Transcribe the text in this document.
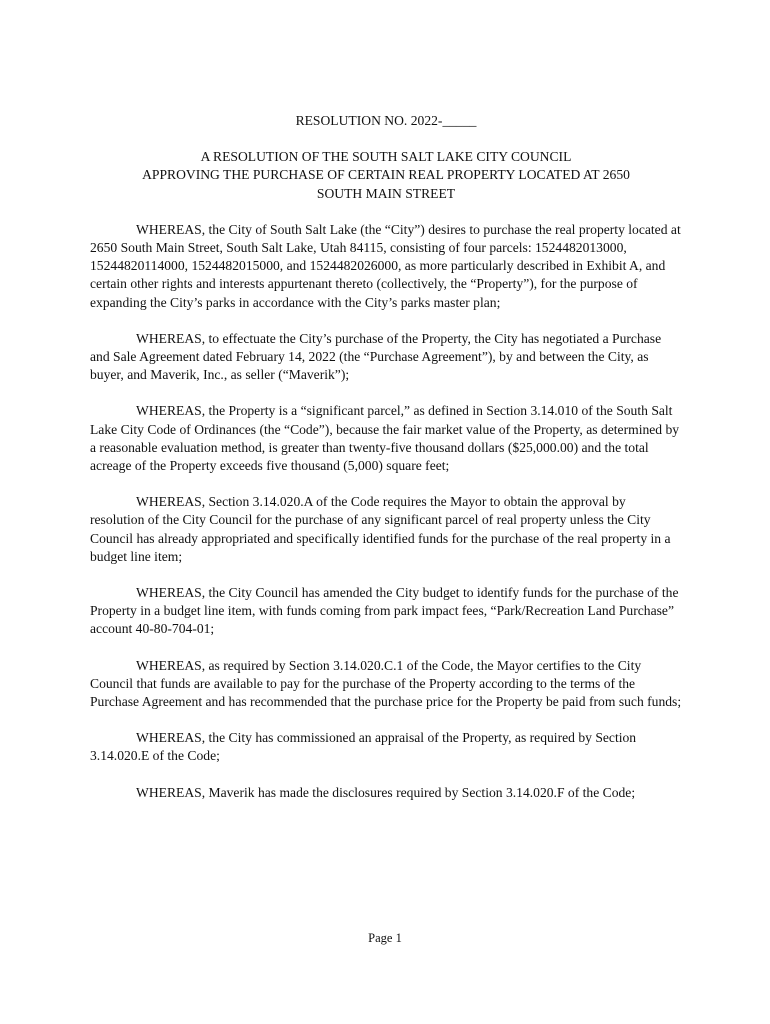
RESOLUTION NO. 2022-_____
A RESOLUTION OF THE SOUTH SALT LAKE CITY COUNCIL
APPROVING THE PURCHASE OF CERTAIN REAL PROPERTY LOCATED AT 2650
SOUTH MAIN STREET

WHEREAS, the City of South Salt Lake (the “City”) desires to purchase the real property located at 2650 South Main Street, South Salt Lake, Utah 84115, consisting of four parcels: 1524482013000, 15244820114000, 1524482015000, and 1524482026000, as more particularly described in Exhibit A, and certain other rights and interests appurtenant thereto (collectively, the “Property”), for the purpose of expanding the City’s parks in accordance with the City’s parks master plan;

WHEREAS, to effectuate the City’s purchase of the Property, the City has negotiated a Purchase and Sale Agreement dated February 14, 2022 (the “Purchase Agreement”), by and between the City, as buyer, and Maverik, Inc., as seller (“Maverik”);

WHEREAS, the Property is a “significant parcel,” as defined in Section 3.14.010 of the South Salt Lake City Code of Ordinances (the “Code”), because the fair market value of the Property, as determined by a reasonable evaluation method, is greater than twenty-five thousand dollars ($25,000.00) and the total acreage of the Property exceeds five thousand (5,000) square feet;

WHEREAS, Section 3.14.020.A of the Code requires the Mayor to obtain the approval by resolution of the City Council for the purchase of any significant parcel of real property unless the City Council has already appropriated and specifically identified funds for the purchase of the real property in a budget line item;

WHEREAS, the City Council has amended the City budget to identify funds for the purchase of the Property in a budget line item, with funds coming from park impact fees, “Park/Recreation Land Purchase” account 40-80-704-01;

WHEREAS, as required by Section 3.14.020.C.1 of the Code, the Mayor certifies to the City Council that funds are available to pay for the purchase of the Property according to the terms of the Purchase Agreement and has recommended that the purchase price for the Property be paid from such funds;

WHEREAS, the City has commissioned an appraisal of the Property, as required by Section 3.14.020.E of the Code;

WHEREAS, Maverik has made the disclosures required by Section 3.14.020.F of the Code;

Page 1
